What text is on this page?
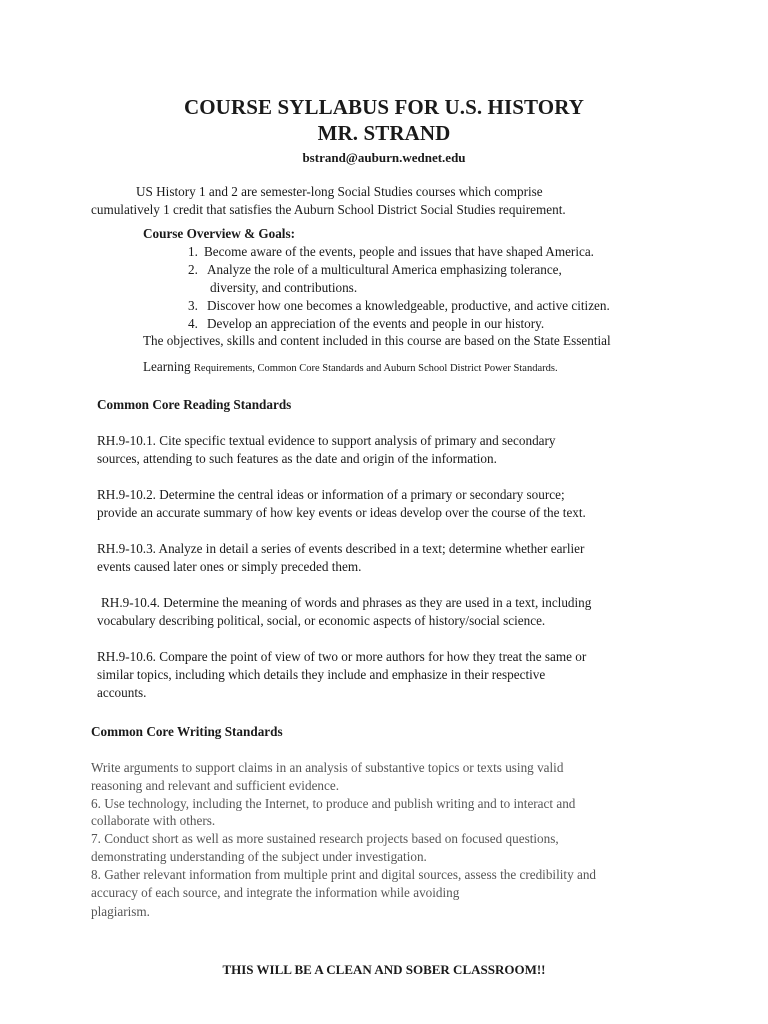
COURSE SYLLABUS FOR U.S. HISTORY
MR. STRAND
bstrand@auburn.wednet.edu
US History 1 and 2 are semester-long Social Studies courses which comprise
cumulatively 1 credit that satisfies the Auburn School District Social Studies requirement.
Course Overview & Goals:
1. Become aware of the events, people and issues that have shaped America.
2. Analyze the role of a multicultural America emphasizing tolerance,
diversity, and contributions.
3. Discover how one becomes a knowledgeable, productive, and active citizen.
4. Develop an appreciation of the events and people in our history.
The objectives, skills and content included in this course are based on the State Essential
Learning Requirements, Common Core Standards and Auburn School District Power Standards.
Common Core Reading Standards
RH.9-10.1. Cite specific textual evidence to support analysis of primary and secondary
sources, attending to such features as the date and origin of the information.
RH.9-10.2. Determine the central ideas or information of a primary or secondary source;
provide an accurate summary of how key events or ideas develop over the course of the text.
RH.9-10.3. Analyze in detail a series of events described in a text; determine whether earlier
events caused later ones or simply preceded them.
RH.9-10.4. Determine the meaning of words and phrases as they are used in a text, including
vocabulary describing political, social, or economic aspects of history/social science.
RH.9-10.6. Compare the point of view of two or more authors for how they treat the same or
similar topics, including which details they include and emphasize in their respective
accounts.
Common Core Writing Standards
Write arguments to support claims in an analysis of substantive topics or texts using valid
reasoning and relevant and sufficient evidence.
6. Use technology, including the Internet, to produce and publish writing and to interact and
collaborate with others.
7. Conduct short as well as more sustained research projects based on focused questions,
demonstrating understanding of the subject under investigation.
8. Gather relevant information from multiple print and digital sources, assess the credibility and
accuracy of each source, and integrate the information while avoiding
plagiarism.
THIS WILL BE A CLEAN AND SOBER CLASSROOM!!
